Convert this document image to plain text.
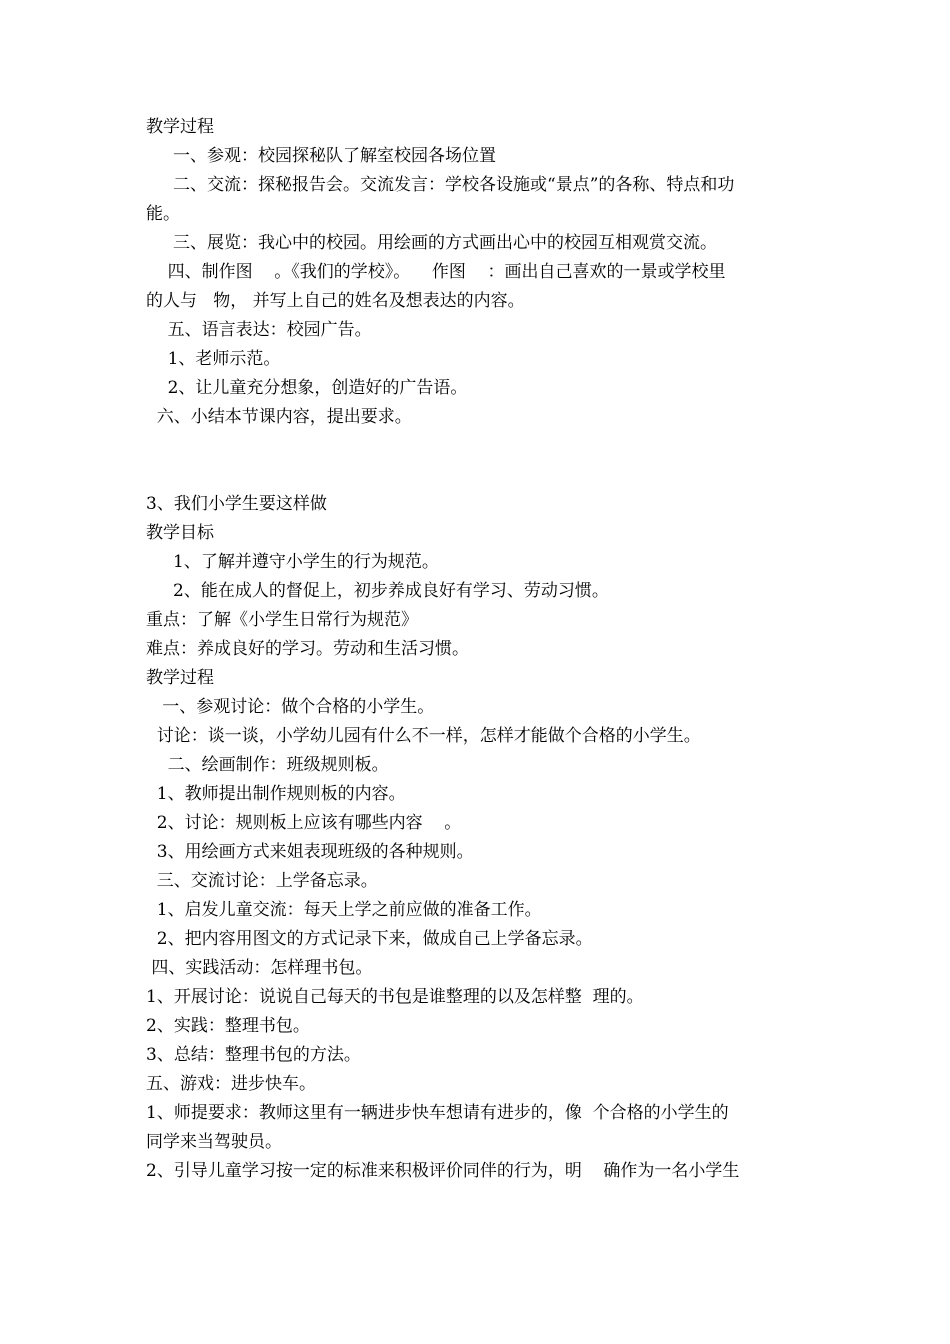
教学过程
一、参观：校园探秘队了解室校园各场位置
二、交流：探秘报告会。交流发言：学校各设施或“景点”的各称、特点和功
能。
三、展览：我心中的校园。用绘画的方式画出心中的校园互相观赏交流。
四、制作图    。《我们的学校》。    作图    ：画出自己喜欢的一景或学校里
的人与   物， 并写上自己的姓名及想表达的内容。
五、语言表达：校园广告。
1、老师示范。
2、让儿童充分想象，创造好的广告语。
六、小结本节课内容，提出要求。
3、我们小学生要这样做
教学目标
1、了解并遵守小学生的行为规范。
2、能在成人的督促上，初步养成良好有学习、劳动习惯。
重点：了解《小学生日常行为规范》
难点：养成良好的学习。劳动和生活习惯。
教学过程
一、参观讨论：做个合格的小学生。
讨论：谈一谈，小学幼儿园有什么不一样，怎样才能做个合格的小学生。
二、绘画制作：班级规则板。
1、教师提出制作规则板的内容。
2、讨论：规则板上应该有哪些内容    。
3、用绘画方式来姐表现班级的各种规则。
三、交流讨论：上学备忘录。
1、启发儿童交流：每天上学之前应做的准备工作。
2、把内容用图文的方式记录下来，做成自己上学备忘录。
四、实践活动：怎样理书包。
1、开展讨论：说说自己每天的书包是谁整理的以及怎样整  理的。
2、实践：整理书包。
3、总结：整理书包的方法。
五、游戏：进步快车。
1、师提要求：教师这里有一辆进步快车想请有进步的，像  个合格的小学生的
同学来当驾驶员。
2、引导儿童学习按一定的标准来积极评价同伴的行为，明    确作为一名小学生
